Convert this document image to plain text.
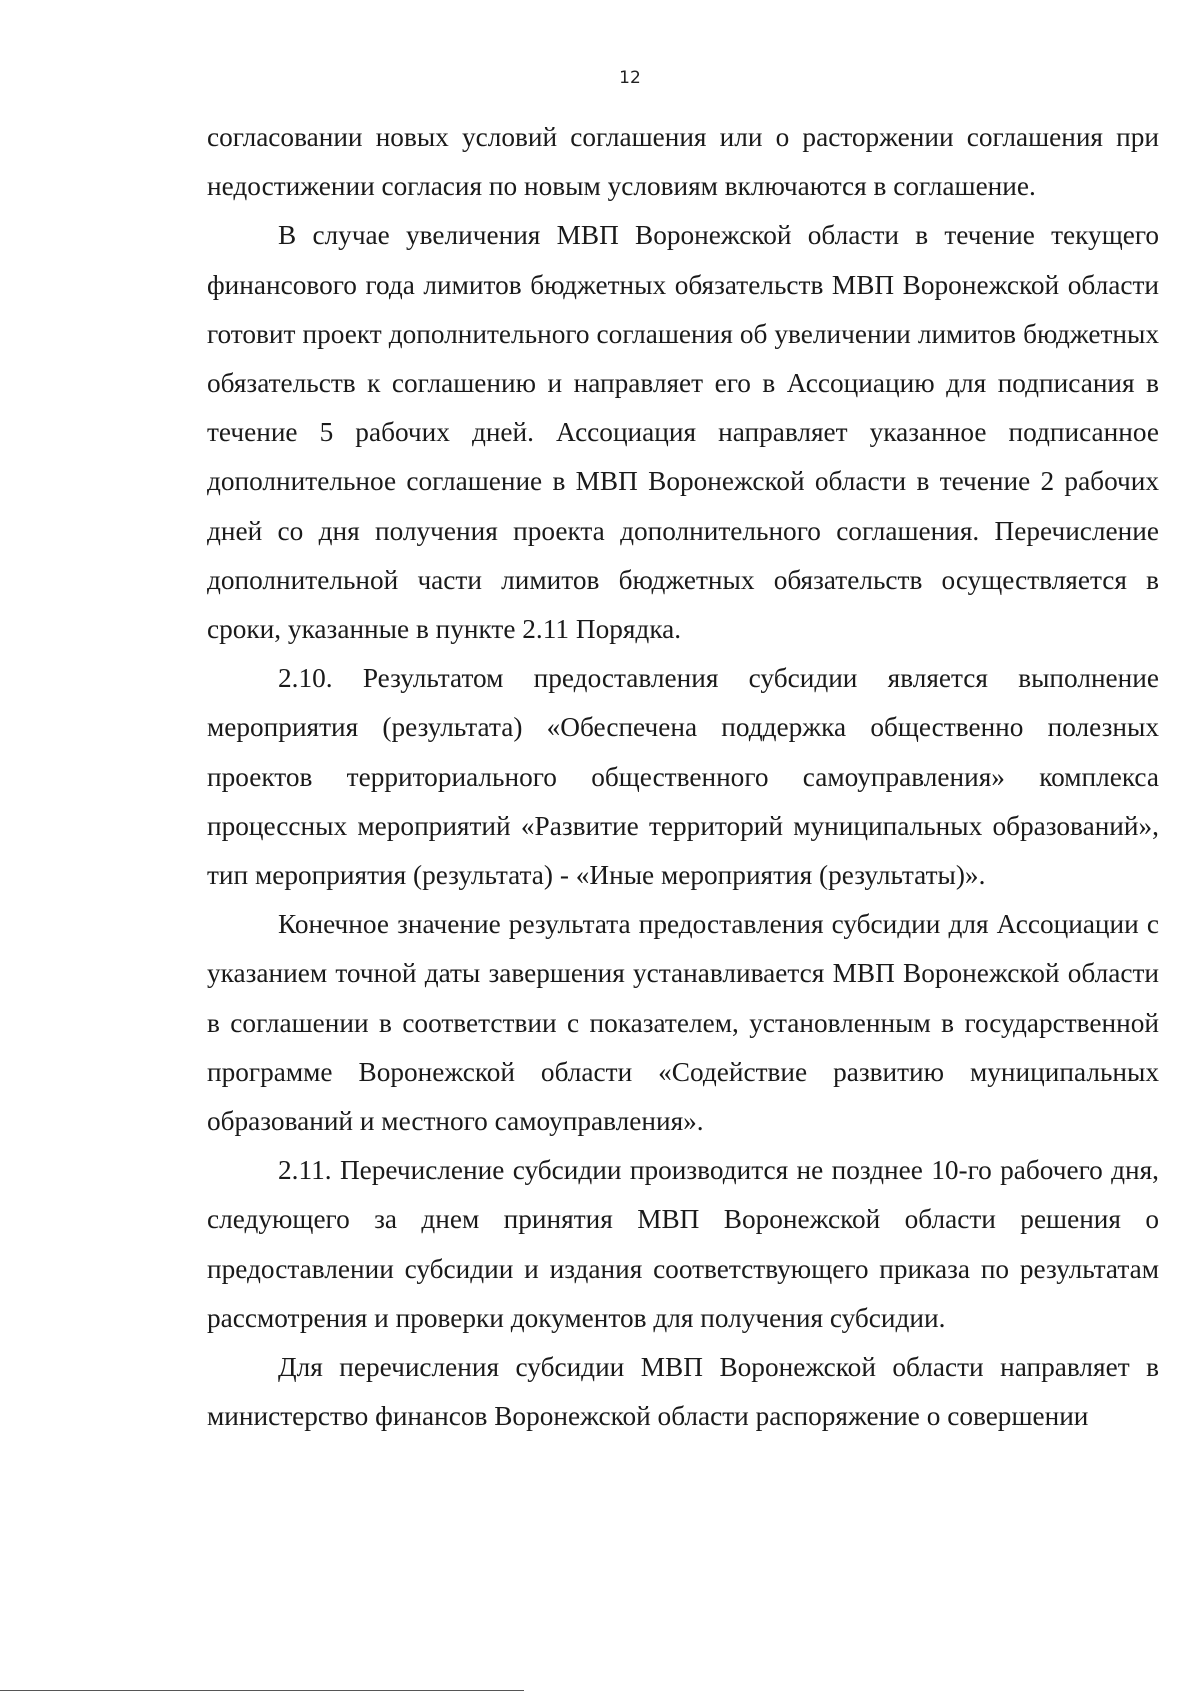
12

согласовании новых условий соглашения или о расторжении соглашения при недостижении согласия по новым условиям включаются в соглашение.

В случае увеличения МВП Воронежской области в течение текущего финансового года лимитов бюджетных обязательств МВП Воронежской области готовит проект дополнительного соглашения об увеличении лимитов бюджетных обязательств к соглашению и направляет его в Ассоциацию для подписания в течение 5 рабочих дней. Ассоциация направляет указанное подписанное дополнительное соглашение в МВП Воронежской области в течение 2 рабочих дней со дня получения проекта дополнительного соглашения. Перечисление дополнительной части лимитов бюджетных обязательств осуществляется в сроки, указанные в пункте 2.11 Порядка.

2.10. Результатом предоставления субсидии является выполнение мероприятия (результата) «Обеспечена поддержка общественно полезных проектов территориального общественного самоуправления» комплекса процессных мероприятий «Развитие территорий муниципальных образований», тип мероприятия (результата) - «Иные мероприятия (результаты)».

Конечное значение результата предоставления субсидии для Ассоциации с указанием точной даты завершения устанавливается МВП Воронежской области в соглашении в соответствии с показателем, установленным в государственной программе Воронежской области «Содействие развитию муниципальных образований и местного самоуправления».

2.11. Перечисление субсидии производится не позднее 10-го рабочего дня, следующего за днем принятия МВП Воронежской области решения о предоставлении субсидии и издания соответствующего приказа по результатам рассмотрения и проверки документов для получения субсидии.

Для перечисления субсидии МВП Воронежской области направляет в министерство финансов Воронежской области распоряжение о совершении
